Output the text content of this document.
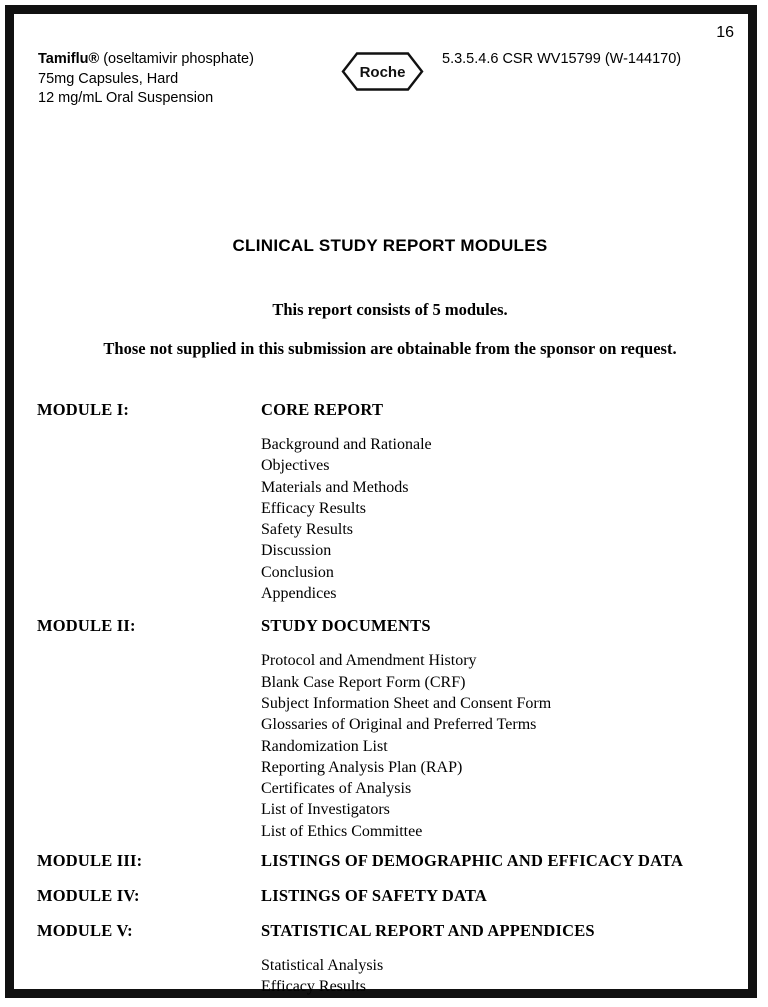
16
Tamiflu® (oseltamivir phosphate)
75mg Capsules, Hard
12 mg/mL Oral Suspension
Roche
5.3.5.4.6 CSR WV15799 (W-144170)
CLINICAL STUDY REPORT MODULES
This report consists of 5 modules.
Those not supplied in this submission are obtainable from the sponsor on request.
MODULE I:	CORE REPORT
Background and Rationale
Objectives
Materials and Methods
Efficacy Results
Safety Results
Discussion
Conclusion
Appendices
MODULE II:	STUDY DOCUMENTS
Protocol and Amendment History
Blank Case Report Form (CRF)
Subject Information Sheet and Consent Form
Glossaries of Original and Preferred Terms
Randomization List
Reporting Analysis Plan (RAP)
Certificates of Analysis
List of Investigators
List of Ethics Committee
MODULE III:	LISTINGS OF DEMOGRAPHIC AND EFFICACY DATA
MODULE IV:	LISTINGS OF SAFETY DATA
MODULE V:	STATISTICAL REPORT AND APPENDICES
Statistical Analysis
Efficacy Results
